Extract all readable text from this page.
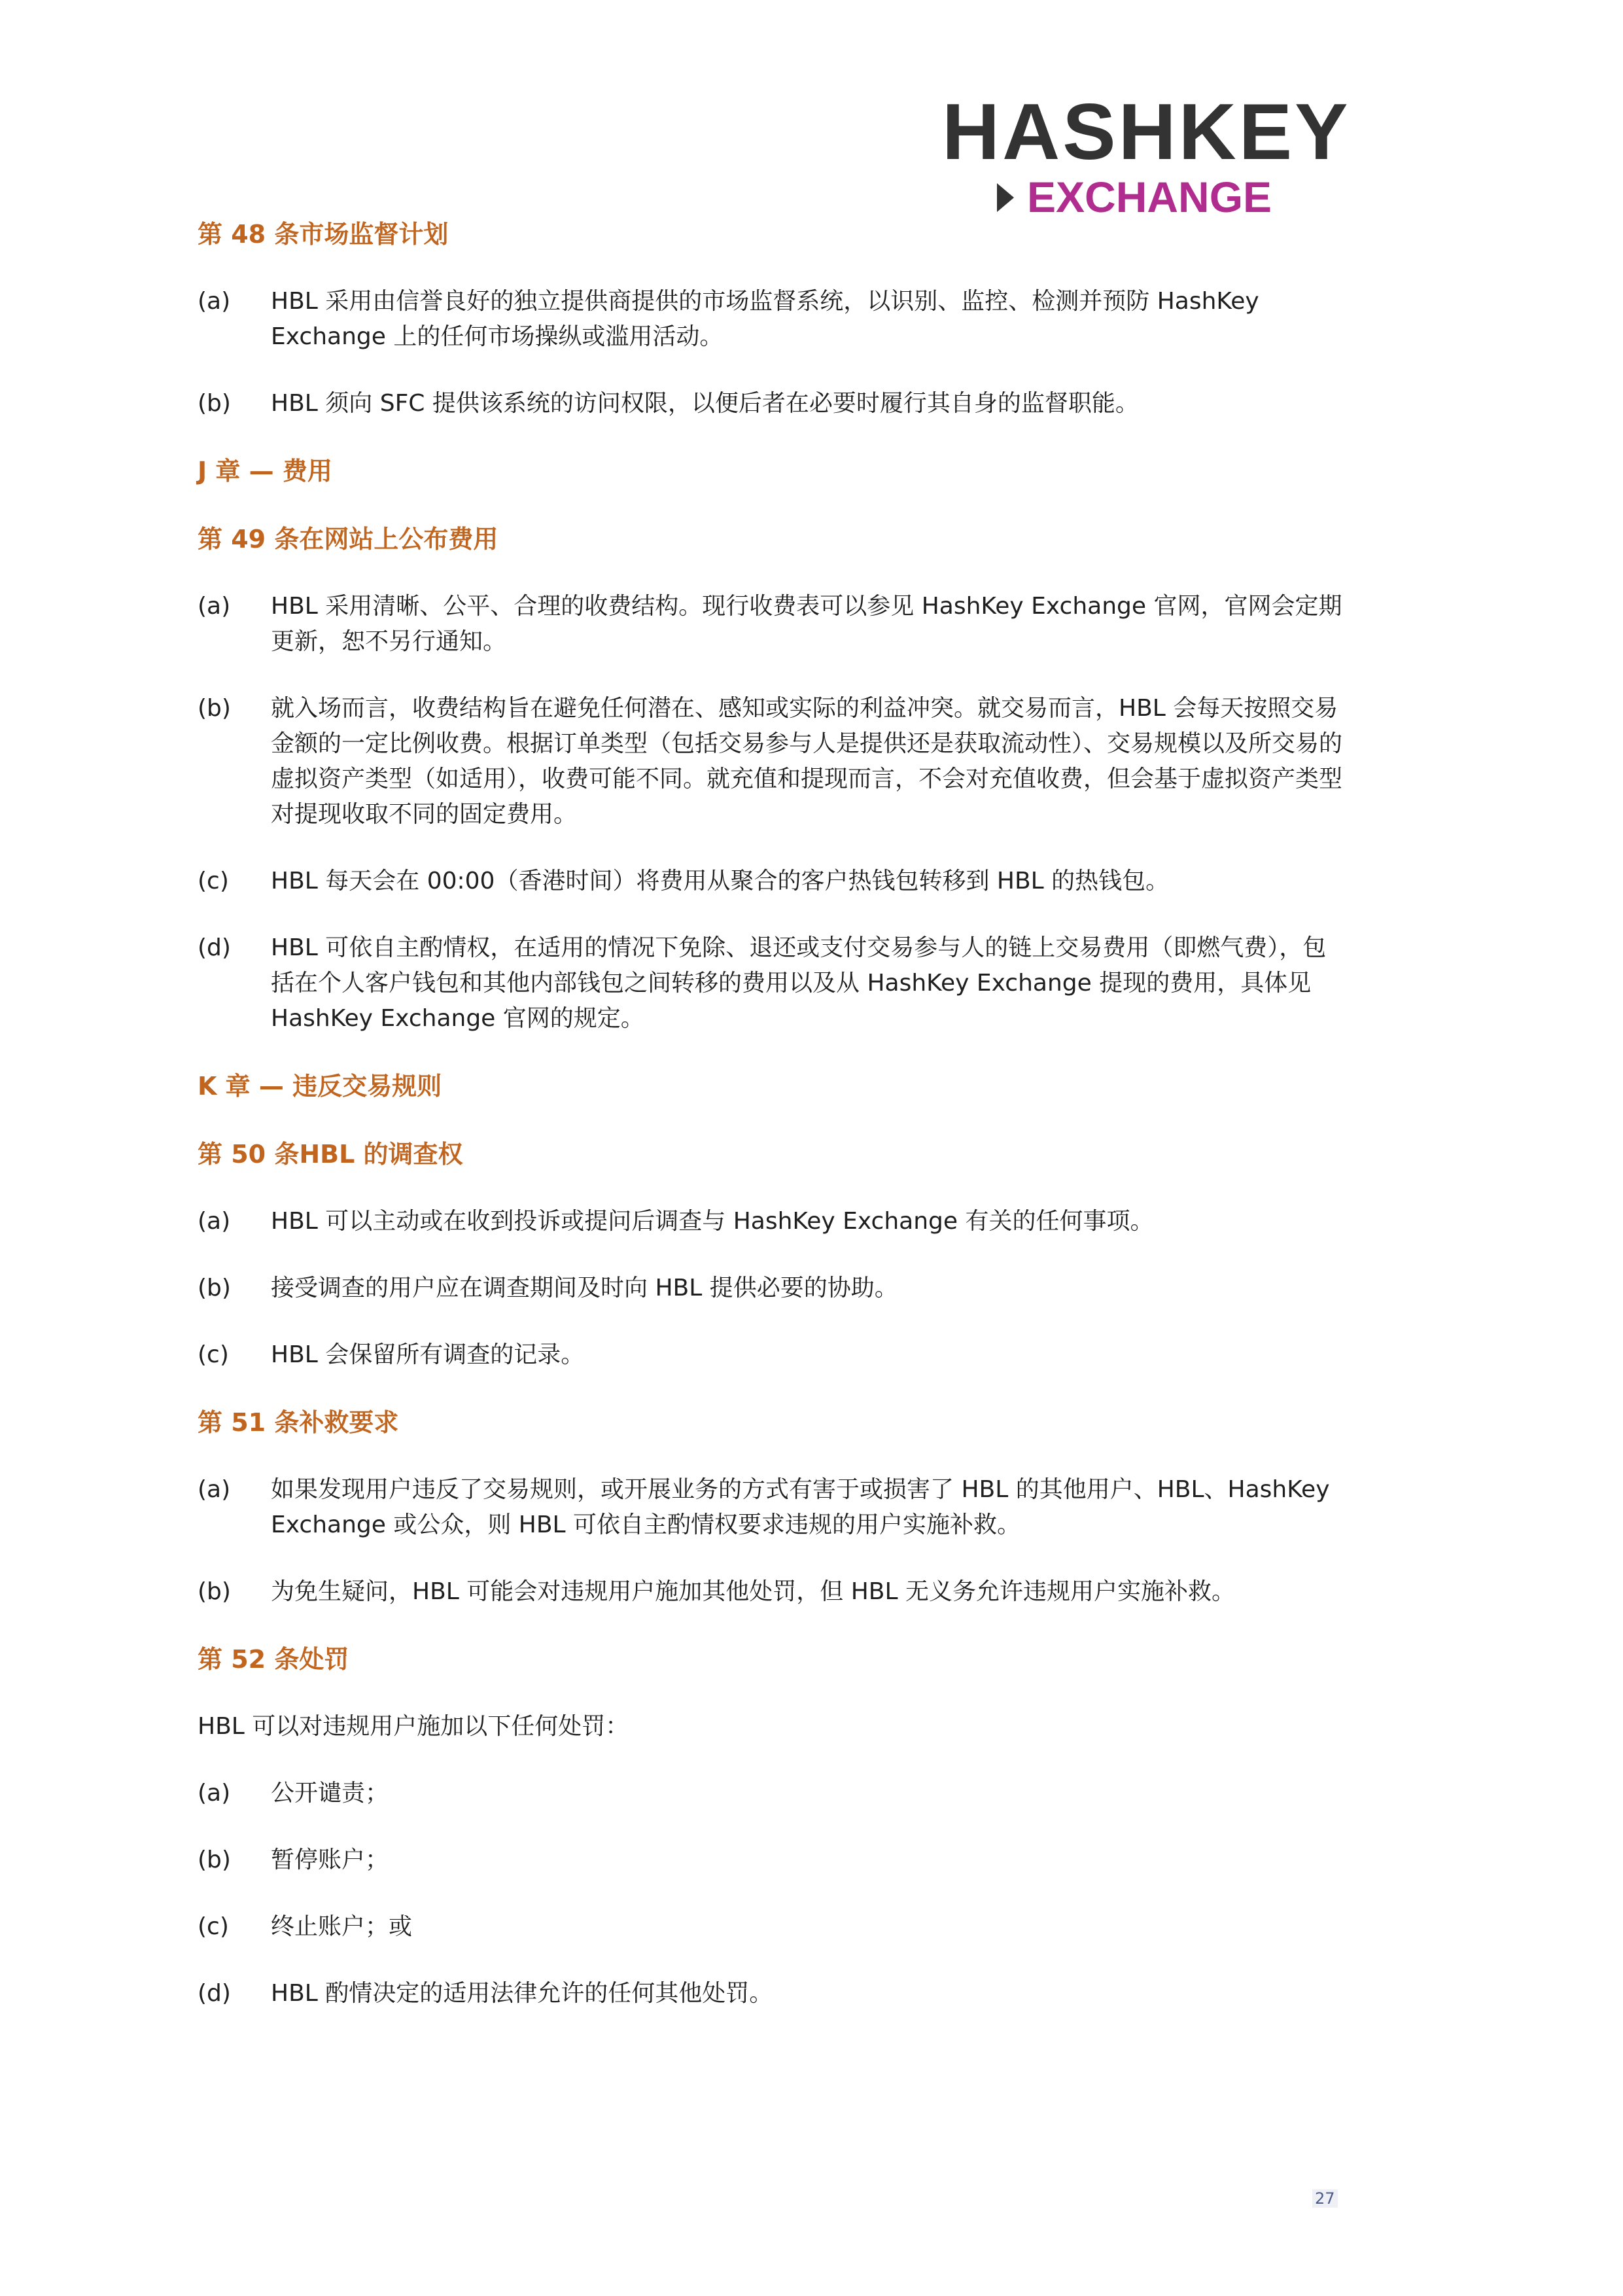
HASHKEY
EXCHANGE
第 48 条市场监督计划
(a)	HBL 采用由信誉良好的独立提供商提供的市场监督系统，以识别、监控、检测并预防 HashKey Exchange 上的任何市场操纵或滥用活动。
(b)	HBL 须向 SFC 提供该系统的访问权限，以便后者在必要时履行其自身的监督职能。
J 章 — 费用
第 49 条在网站上公布费用
(a)	HBL 采用清晰、公平、合理的收费结构。现行收费表可以参见 HashKey Exchange 官网，官网会定期更新，恕不另行通知。
(b)	就入场而言，收费结构旨在避免任何潜在、感知或实际的利益冲突。就交易而言，HBL 会每天按照交易金额的一定比例收费。根据订单类型（包括交易参与人是提供还是获取流动性）、交易规模以及所交易的虚拟资产类型（如适用），收费可能不同。就充值和提现而言，不会对充值收费，但会基于虚拟资产类型对提现收取不同的固定费用。
(c)	HBL 每天会在 00:00（香港时间）将费用从聚合的客户热钱包转移到 HBL 的热钱包。
(d)	HBL 可依自主酌情权，在适用的情况下免除、退还或支付交易参与人的链上交易费用（即燃气费），包括在个人客户钱包和其他内部钱包之间转移的费用以及从 HashKey Exchange 提现的费用，具体见 HashKey Exchange 官网的规定。
K 章 — 违反交易规则
第 50 条HBL 的调查权
(a)	HBL 可以主动或在收到投诉或提问后调查与 HashKey Exchange 有关的任何事项。
(b)	接受调查的用户应在调查期间及时向 HBL 提供必要的协助。
(c)	HBL 会保留所有调查的记录。
第 51 条补救要求
(a)	如果发现用户违反了交易规则，或开展业务的方式有害于或损害了 HBL 的其他用户、HBL、HashKey Exchange 或公众，则 HBL 可依自主酌情权要求违规的用户实施补救。
(b)	为免生疑问，HBL 可能会对违规用户施加其他处罚，但 HBL 无义务允许违规用户实施补救。
第 52 条处罚
HBL 可以对违规用户施加以下任何处罚：
(a)	公开谴责；
(b)	暂停账户；
(c)	终止账户；或
(d)	HBL 酌情决定的适用法律允许的任何其他处罚。
27
